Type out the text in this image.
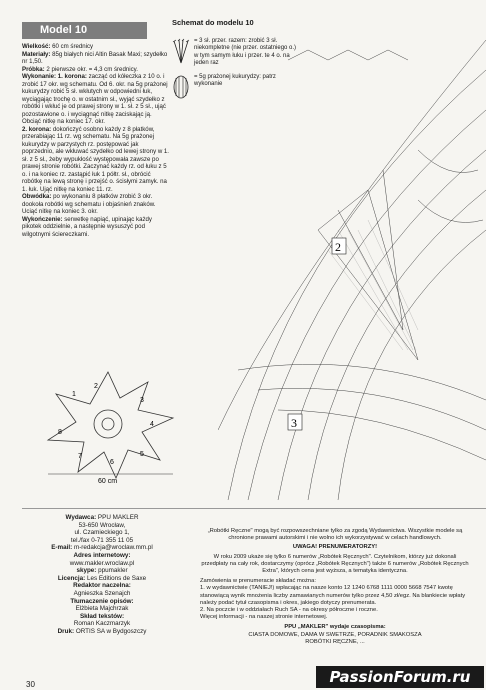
Model 10

Wielkość: 60 cm średnicy

Materiały: 85g białych nici Altin Basak Maxi; szydełko nr 1,50.

Próbka: 2 pierwsze okr. = 4,3 cm średnicy.

Wykonanie: 1. korona: zacząć od kółeczka z 10 o. i zrobić 17 okr. wg schematu. Od 6. okr. na 5g prażonej kukurydzy robić 5 sł. wkłutych w odpowiedni łuk, wyciągając trochę o. w ostatnim sł., wyjąć szydełko z robótki i wkłuć je od prawej strony w 1. sł. z 5 sł., ująć pozostawione o. i wyciągnąć nitkę zaciskając ją. Obciąć nitkę na koniec 17. okr.

2. korona: dokończyć osobno każdy z 8 płatków, przerabiając 11 rz. wg schematu. Na 5g prażonej kukurydzy w parzystych rz. postępować jak poprzednio, ale wkłuwać szydełko od lewej strony w 1. sł. z 5 sł., żeby wypukłość występowała zawsze po prawej stronie robótki. Zaczynać każdy rz. od łuku z 5 o. i na koniec rz. zastąpić łuk 1 półtr. sł., obrócić robótkę na lewą stronę i przejść o. ścisłymi zamyk. na 1. łuk. Ująć nitkę na koniec 11. rz.

Obwódka: po wykonaniu 8 płatków zrobić 3 okr. dookoła robótki wg schematu i objaśnień znaków. Uciąć nitkę na koniec 3. okr.

Wykończenie: serwetkę napiąć, upinając każdy pikotek oddzielnie, a następnie wysuszyć pod wilgotnymi ściereczkami.

Schemat do modelu 10
= 3 sł. przer. razem: zrobić 3 sł. niekompletne (nie przer. ostatniego o.) w tym samym łuku i przer. te 4 o. na jeden raz
= 5g prażonej kukurydzy: patrz wykonanie
1
2
3
4
5
6
7
8
60 cm
2
3
Wydawca: PPU MAKLER
53-650 Wrocław,
ul. Czamieckiego 1,
tel./fax 0-71 355 11 05
E-mail: m-redakcja@wroclaw.mm.pl
Adres internetowy:
www.makler.wroclaw.pl
skype: ppumakler
Licencja: Les Editions de Saxe
Redaktor naczelna:
Agnieszka Szenajch
Tłumaczenie opisów:
Elżbieta Majchrzak
Skład tekstów:
Roman Kaczmarzyk
Druk: ORTIS SA w Bydgoszczy
„Robótki Ręczne" mogą być rozpowszechniane tylko za zgodą Wydawnictwa. Wszystkie modele są chronione prawami autorskimi i nie wolno ich wykorzystywać w celach handlowych.
UWAGA! PRENUMERATORZY!
W roku 2009 ukaże się tylko 6 numerów „Robótek Ręcznych". Czytelnikom, którzy już dokonali przedpłaty na cały rok, dostarczymy (oprócz „Robótek Ręcznych") także 6 numerów „Robótek Ręcznych Extra", których cena jest wyższa, a tematyka identyczna.
Zamówienia w prenumeracie składać można:
1. w wydawnictwie (TANIEJ!) wpłacając na nasze konto 12 1240 6768 1111 0000 5668 7547 kwotę stanowiącą wynik mnożenia liczby zamawianych numerów tylko przez 4,50 zł/egz. Na blankiecie wpłaty należy podać tytuł czasopisma i okres, jakiego dotyczy prenumerata.
2. Na poczcie i w oddziałach Ruch SA - na okresy półroczne i roczne.
Więcej informacji - na naszej stronie internetowej.
PPU „MAKLER" wydaje czasopisma:
CIASTA DOMOWE, DAMA W SWETRZE, PORADNIK SMAKOSZA
ROBÓTKI RĘCZNE, ...
30	PassionForum.ru
